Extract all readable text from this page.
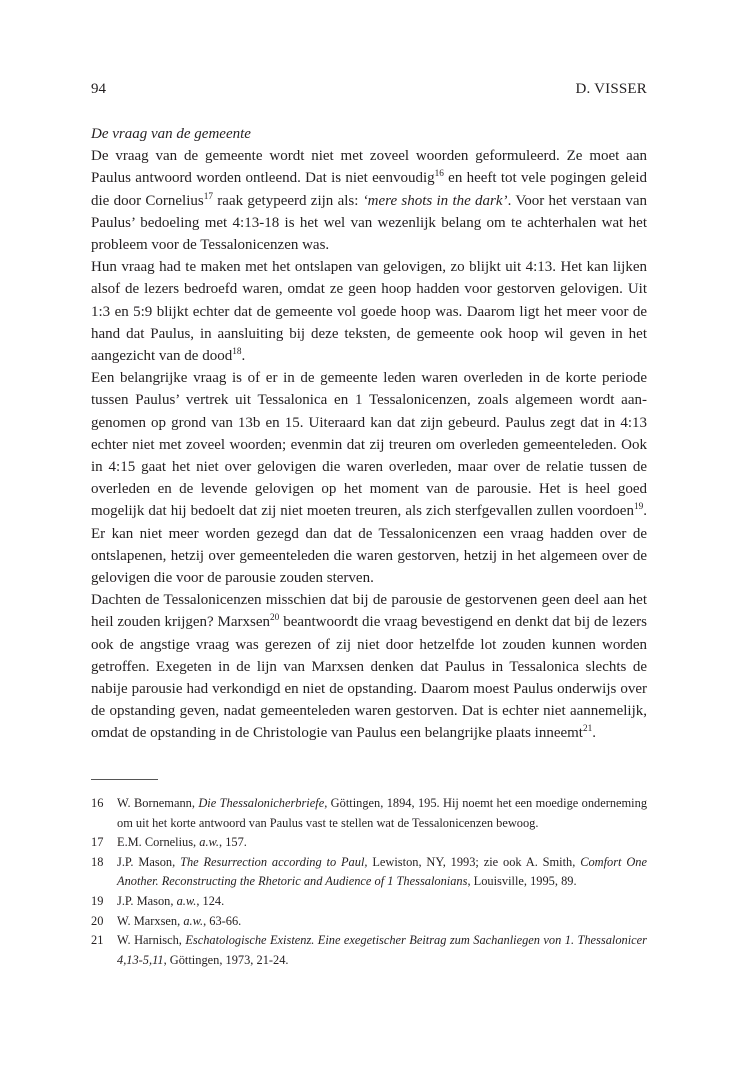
94	D. VISSER

De vraag van de gemeente

De vraag van de gemeente wordt niet met zoveel woorden geformuleerd. Ze moet aan Paulus antwoord worden ontleend. Dat is niet eenvoudig$^{16}$ en heeft tot vele pogingen geleid die door Cornelius$^{17}$ raak getypeerd zijn als: ‘mere shots in the dark’. Voor het verstaan van Paulus’ bedoeling met 4:13-18 is het wel van wezenlijk belang om te achterhalen wat het probleem voor de Tessalonicenzen was.

Hun vraag had te maken met het ontslapen van gelovigen, zo blijkt uit 4:13. Het kan lijken alsof de lezers bedroefd waren, omdat ze geen hoop hadden voor gestorven gelovigen. Uit 1:3 en 5:9 blijkt echter dat de gemeente vol goede hoop was. Daarom ligt het meer voor de hand dat Paulus, in aansluiting bij deze teksten, de gemeente ook hoop wil geven in het aangezicht van de dood$^{18}$.

Een belangrijke vraag is of er in de gemeente leden waren overleden in de korte periode tussen Paulus’ vertrek uit Tessalonica en 1 Tessalonicenzen, zoals algemeen wordt aangenomen op grond van 13b en 15. Uiteraard kan dat zijn gebeurd. Paulus zegt dat in 4:13 echter niet met zoveel woorden; evenmin dat zij treuren om overleden gemeenteleden. Ook in 4:15 gaat het niet over gelovigen die waren overleden, maar over de relatie tussen de overleden en de levende gelovigen op het moment van de parousie. Het is heel goed mogelijk dat hij bedoelt dat zij niet moeten treuren, als zich sterfgevallen zullen voordoen$^{19}$. Er kan niet meer worden gezegd dan dat de Tessalonicenzen een vraag hadden over de ontslapenen, hetzij over gemeenteleden die waren gestorven, hetzij in het algemeen over de gelovigen die voor de parousie zouden sterven.

Dachten de Tessalonicenzen misschien dat bij de parousie de gestorvenen geen deel aan het heil zouden krijgen? Marxsen$^{20}$ beantwoordt die vraag bevestigend en denkt dat bij de lezers ook de angstige vraag was gerezen of zij niet door hetzelfde lot zouden kunnen worden getroffen. Exegeten in de lijn van Marxsen denken dat Paulus in Tessalonica slechts de nabije parousie had verkondigd en niet de opstanding. Daarom moest Paulus onderwijs over de opstanding geven, nadat gemeenteleden waren gestorven. Dat is echter niet aannemelijk, omdat de opstanding in de Christologie van Paulus een belangrijke plaats inneemt$^{21}$.

16 W. Bornemann, Die Thessalonicherbriefe, Göttingen, 1894, 195. Hij noemt het een moedige onderneming om uit het korte antwoord van Paulus vast te stellen wat de Tessalonicenzen bewoog.

17 E.M. Cornelius, a.w., 157.

18 J.P. Mason, The Resurrection according to Paul, Lewiston, NY, 1993; zie ook A. Smith, Comfort One Another. Reconstructing the Rhetoric and Audience of 1 Thessalonians, Louisville, 1995, 89.

19 J.P. Mason, a.w., 124.

20 W. Marxsen, a.w., 63-66.

21 W. Harnisch, Eschatologische Existenz. Eine exegetischer Beitrag zum Sachanliegen von 1. Thessalonicer 4,13-5,11, Göttingen, 1973, 21-24.
